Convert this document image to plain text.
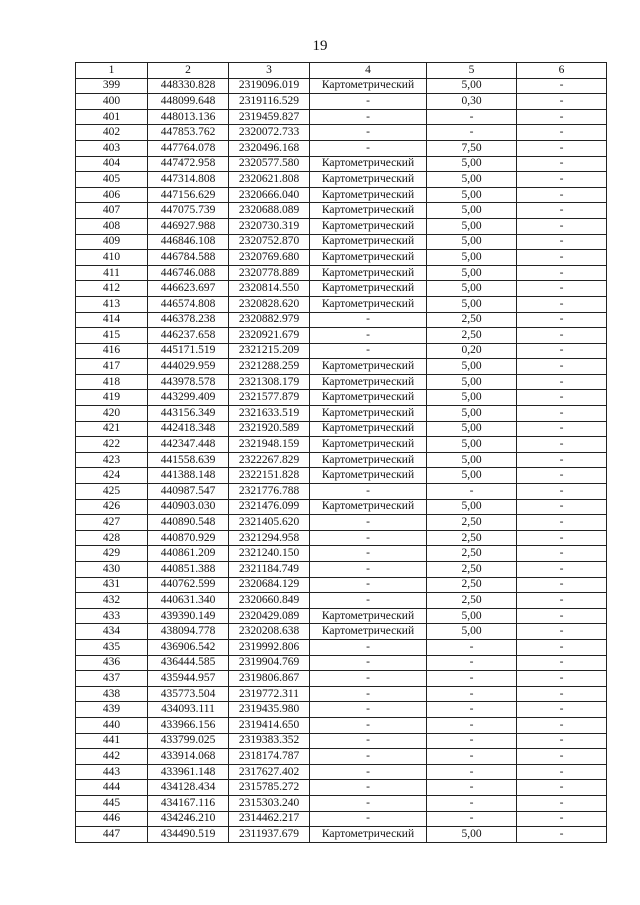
19
1	2	3	4	5	6
399	448330.828	2319096.019	Картометрический	5,00	-
400	448099.648	2319116.529	-	0,30	-
401	448013.136	2319459.827	-	-	-
402	447853.762	2320072.733	-	-	-
403	447764.078	2320496.168	-	7,50	-
404	447472.958	2320577.580	Картометрический	5,00	-
405	447314.808	2320621.808	Картометрический	5,00	-
406	447156.629	2320666.040	Картометрический	5,00	-
407	447075.739	2320688.089	Картометрический	5,00	-
408	446927.988	2320730.319	Картометрический	5,00	-
409	446846.108	2320752.870	Картометрический	5,00	-
410	446784.588	2320769.680	Картометрический	5,00	-
411	446746.088	2320778.889	Картометрический	5,00	-
412	446623.697	2320814.550	Картометрический	5,00	-
413	446574.808	2320828.620	Картометрический	5,00	-
414	446378.238	2320882.979	-	2,50	-
415	446237.658	2320921.679	-	2,50	-
416	445171.519	2321215.209	-	0,20	-
417	444029.959	2321288.259	Картометрический	5,00	-
418	443978.578	2321308.179	Картометрический	5,00	-
419	443299.409	2321577.879	Картометрический	5,00	-
420	443156.349	2321633.519	Картометрический	5,00	-
421	442418.348	2321920.589	Картометрический	5,00	-
422	442347.448	2321948.159	Картометрический	5,00	-
423	441558.639	2322267.829	Картометрический	5,00	-
424	441388.148	2322151.828	Картометрический	5,00	-
425	440987.547	2321776.788	-	-	-
426	440903.030	2321476.099	Картометрический	5,00	-
427	440890.548	2321405.620	-	2,50	-
428	440870.929	2321294.958	-	2,50	-
429	440861.209	2321240.150	-	2,50	-
430	440851.388	2321184.749	-	2,50	-
431	440762.599	2320684.129	-	2,50	-
432	440631.340	2320660.849	-	2,50	-
433	439390.149	2320429.089	Картометрический	5,00	-
434	438094.778	2320208.638	Картометрический	5,00	-
435	436906.542	2319992.806	-	-	-
436	436444.585	2319904.769	-	-	-
437	435944.957	2319806.867	-	-	-
438	435773.504	2319772.311	-	-	-
439	434093.111	2319435.980	-	-	-
440	433966.156	2319414.650	-	-	-
441	433799.025	2319383.352	-	-	-
442	433914.068	2318174.787	-	-	-
443	433961.148	2317627.402	-	-	-
444	434128.434	2315785.272	-	-	-
445	434167.116	2315303.240	-	-	-
446	434246.210	2314462.217	-	-	-
447	434490.519	2311937.679	Картометрический	5,00	-
